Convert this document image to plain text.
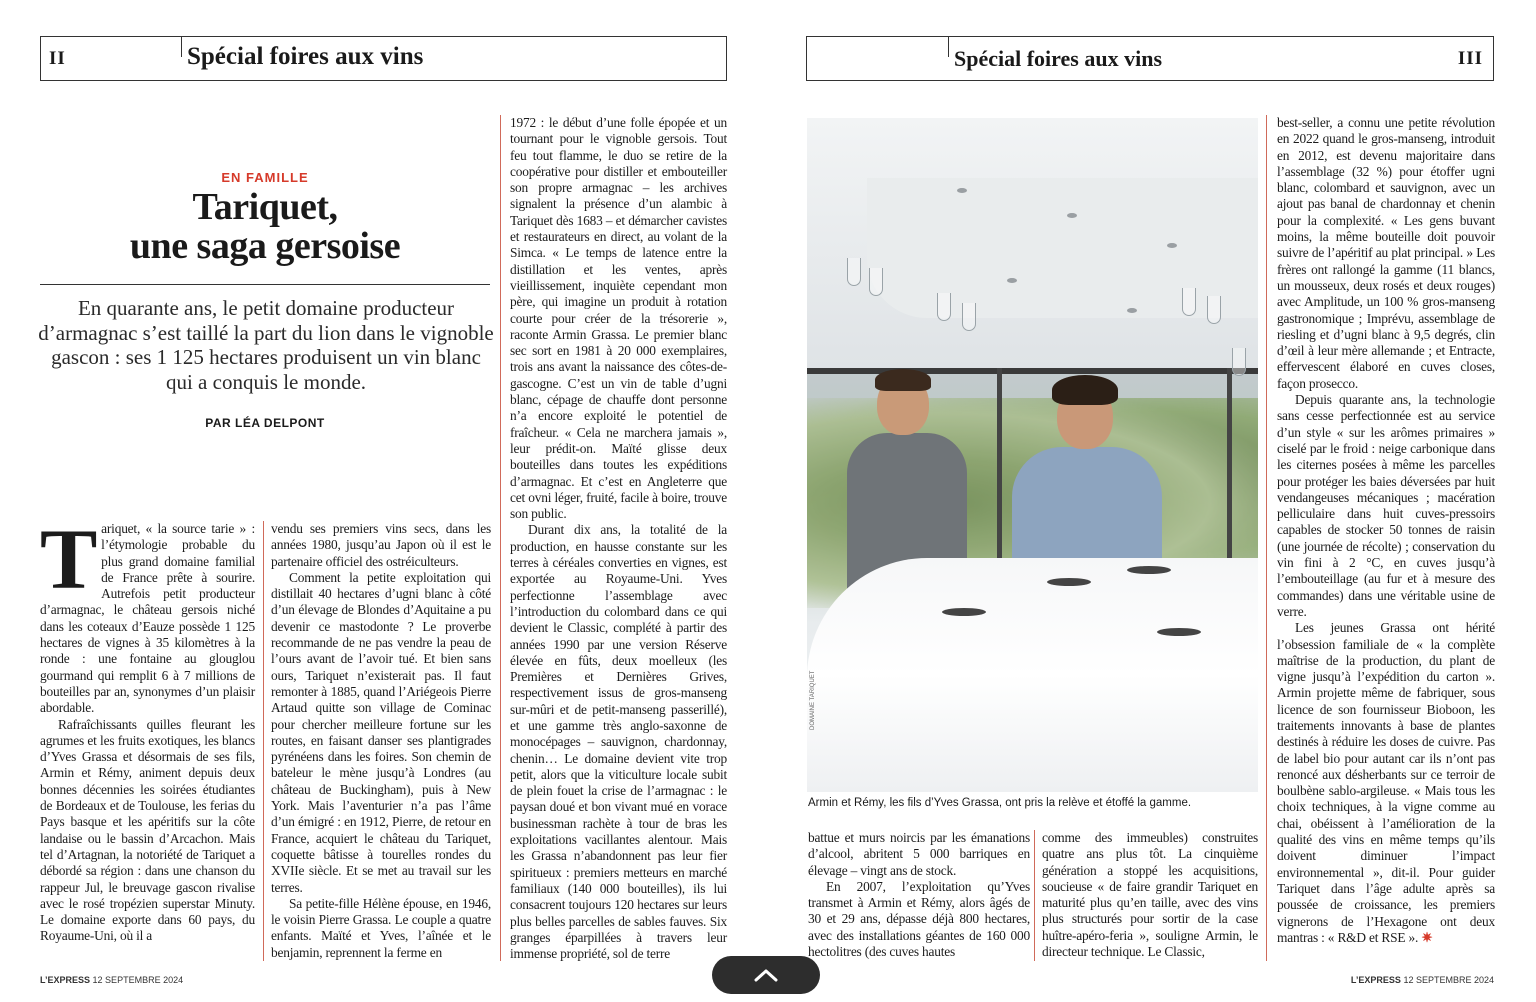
II	Spécial foires aux vins
EN FAMILLE
Tariquet,
une saga gersoise
En quarante ans, le petit domaine producteur d’armagnac s’est taillé la part du lion dans le vignoble gascon : ses 1 125 hectares produisent un vin blanc qui a conquis le monde.
PAR LÉA DELPONT

Tariquet, « la source tarie » : l’étymologie probable du plus grand domaine familial de France prête à sourire. Autrefois petit producteur d’armagnac, le château gersois niché dans les coteaux d’Eauze possède 1 125 hectares de vignes à 35 kilomètres à la ronde : une fontaine au glouglou gourmand qui remplit 6 à 7 millions de bouteilles par an, synonymes d’un plaisir abordable.

Rafraîchissants quilles fleurant les agrumes et les fruits exotiques, les blancs d’Yves Grassa et désormais de ses fils, Armin et Rémy, animent depuis deux bonnes décennies les soirées étudiantes de Bordeaux et de Toulouse, les ferias du Pays basque et les apéritifs sur la côte landaise ou le bassin d’Arcachon. Mais tel d’Artagnan, la notoriété de Tariquet a débordé sa région : dans une chanson du rappeur Jul, le breuvage gascon rivalise avec le rosé tropézien superstar Minuty. Le domaine exporte dans 60 pays, du Royaume-Uni, où il a

vendu ses premiers vins secs, dans les années 1980, jusqu’au Japon où il est le partenaire officiel des ostréiculteurs.

Comment la petite exploitation qui distillait 40 hectares d’ugni blanc à côté d’un élevage de Blondes d’Aquitaine a pu devenir ce mastodonte ? Le proverbe recommande de ne pas vendre la peau de l’ours avant de l’avoir tué. Et bien sans ours, Tariquet n’existerait pas. Il faut remonter à 1885, quand l’Ariégeois Pierre Artaud quitte son village de Cominac pour chercher meilleure fortune sur les routes, en faisant danser ses plantigrades pyrénéens dans les foires. Son chemin de bateleur le mène jusqu’à Londres (au château de Buckingham), puis à New York. Mais l’aventurier n’a pas l’âme d’un émigré : en 1912, Pierre, de retour en France, acquiert le château du Tariquet, coquette bâtisse à tourelles rondes du XVIIe siècle. Et se met au travail sur les terres.

Sa petite-fille Hélène épouse, en 1946, le voisin Pierre Grassa. Le couple a quatre enfants. Maïté et Yves, l’aînée et le benjamin, reprennent la ferme en

1972 : le début d’une folle épopée et un tournant pour le vignoble gersois. Tout feu tout flamme, le duo se retire de la coopérative pour distiller et embouteiller son propre armagnac – les archives signalent la présence d’un alambic à Tariquet dès 1683 – et démarcher cavistes et restaurateurs en direct, au volant de la Simca. « Le temps de latence entre la distillation et les ventes, après vieillissement, inquiète cependant mon père, qui imagine un produit à rotation courte pour créer de la trésorerie », raconte Armin Grassa. Le premier blanc sec sort en 1981 à 20 000 exemplaires, trois ans avant la naissance des côtes-de-gascogne. C’est un vin de table d’ugni blanc, cépage de chauffe dont personne n’a encore exploité le potentiel de fraîcheur. « Cela ne marchera jamais », leur prédit-on. Maïté glisse deux bouteilles dans toutes les expéditions d’armagnac. Et c’est en Angleterre que cet ovni léger, fruité, facile à boire, trouve son public.

Durant dix ans, la totalité de la production, en hausse constante sur les terres à céréales converties en vignes, est exportée au Royaume-Uni. Yves perfectionne l’assemblage avec l’introduction du colombard dans ce qui devient le Classic, complété à partir des années 1990 par une version Réserve élevée en fûts, deux moelleux (les Premières et Dernières Grives, respectivement issus de gros-manseng sur-mûri et de petit-manseng passerillé), et une gamme très anglo-saxonne de monocépages – sauvignon, chardonnay, chenin… Le domaine devient vite trop petit, alors que la viticulture locale subit de plein fouet la crise de l’armagnac : le paysan doué et bon vivant mué en vorace businessman rachète à tour de bras les exploitations vacillantes alentour. Mais les Grassa n’abandonnent pas leur fier spiritueux : premiers metteurs en marché familiaux (140 000 bouteilles), ils lui consacrent toujours 120 hectares sur leurs plus belles parcelles de sables fauves. Six granges éparpillées à travers leur immense propriété, sol de terre

L’EXPRESS 12 SEPTEMBRE 2024
Spécial foires aux vins	III

battue et murs noircis par les émanations d’alcool, abritent 5 000 barriques en élevage – vingt ans de stock.

En 2007, l’exploitation qu’Yves transmet à Armin et Rémy, alors âgés de 30 et 29 ans, dépasse déjà 800 hectares, avec des installations géantes de 160 000 hectolitres (des cuves hautes

comme des immeubles) construites quatre ans plus tôt. La cinquième génération a stoppé les acquisitions, soucieuse « de faire grandir Tariquet en maturité plus qu’en taille, avec des vins plus structurés pour sortir de la case huître-apéro-feria », souligne Armin, le directeur technique. Le Classic,

best-seller, a connu une petite révolution en 2022 quand le gros-manseng, introduit en 2012, est devenu majoritaire dans l’assemblage (32 %) pour étoffer ugni blanc, colombard et sauvignon, avec un ajout pas banal de chardonnay et chenin pour la complexité. « Les gens buvant moins, la même bouteille doit pouvoir suivre de l’apéritif au plat principal. » Les frères ont rallongé la gamme (11 blancs, un mousseux, deux rosés et deux rouges) avec Amplitude, un 100 % gros-manseng gastronomique ; Imprévu, assemblage de riesling et d’ugni blanc à 9,5 degrés, clin d’œil à leur mère allemande ; et Entracte, effervescent élaboré en cuves closes, façon prosecco.

Depuis quarante ans, la technologie sans cesse perfectionnée est au service d’un style « sur les arômes primaires » ciselé par le froid : neige carbonique dans les citernes posées à même les parcelles pour protéger les baies déversées par huit vendangeuses mécaniques ; macération pelliculaire dans huit cuves-pressoirs capables de stocker 50 tonnes de raisin (une journée de récolte) ; conservation du vin fini à 2 °C, en cuves jusqu’à l’embouteillage (au fur et à mesure des commandes) dans une véritable usine de verre.

Les jeunes Grassa ont hérité l’obsession familiale de « la complète maîtrise de la production, du plant de vigne jusqu’à l’expédition du carton ». Armin projette même de fabriquer, sous licence de son fournisseur Bioboon, les traitements innovants à base de plantes destinés à réduire les doses de cuivre. Pas de label bio pour autant car ils n’ont pas renoncé aux désherbants sur ce terroir de boulbène sablo-argileuse. « Mais tous les choix techniques, à la vigne comme au chai, obéissent à l’amélioration de la qualité des vins en même temps qu’ils doivent diminuer l’impact environnemental », dit-il. Pour guider Tariquet dans l’âge adulte après sa poussée de croissance, les premiers vignerons de l’Hexagone ont deux mantras : « R&D et RSE ». ✷

L’EXPRESS 12 SEPTEMBRE 2024
DOMAINE TARIQUET
Armin et Rémy, les fils d’Yves Grassa, ont pris la relève et étoffé la gamme.
